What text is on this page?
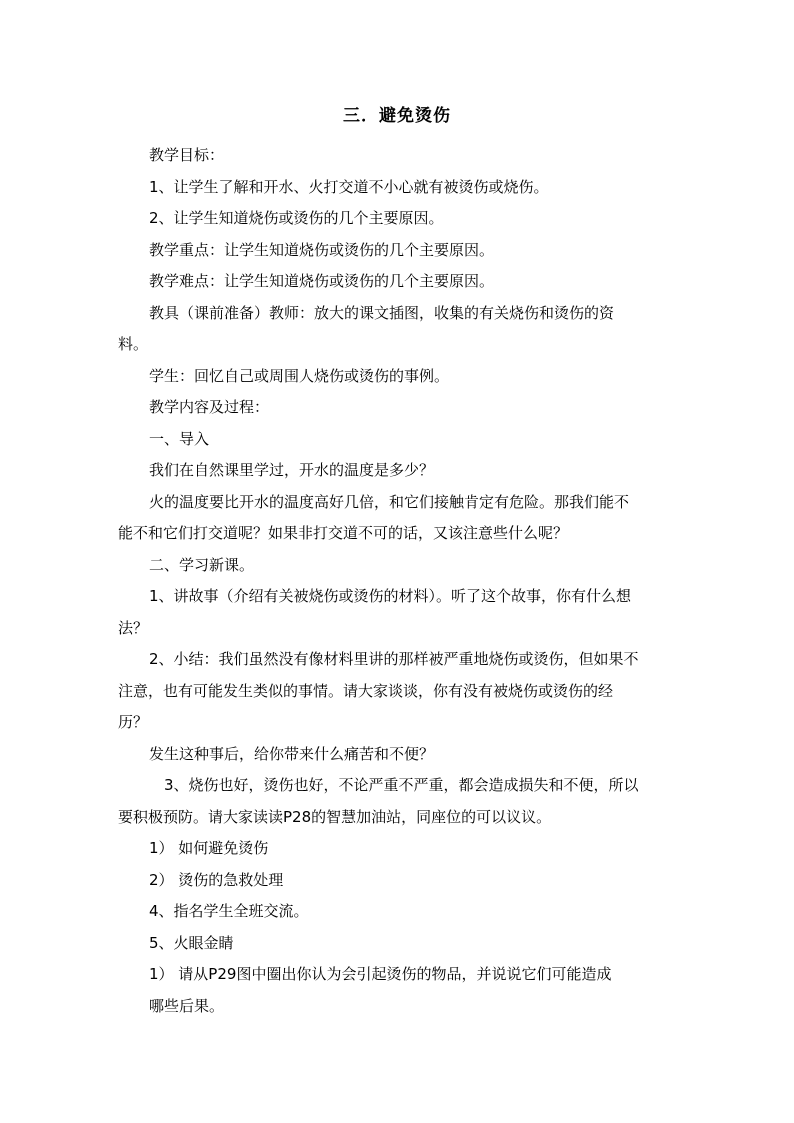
三．避免烫伤

教学目标：

1、让学生了解和开水、火打交道不小心就有被烫伤或烧伤。

2、让学生知道烧伤或烫伤的几个主要原因。

教学重点：让学生知道烧伤或烫伤的几个主要原因。

教学难点：让学生知道烧伤或烫伤的几个主要原因。

教具（课前准备）教师：放大的课文插图，收集的有关烧伤和烫伤的资

料。

学生：回忆自己或周围人烧伤或烫伤的事例。

教学内容及过程：

一、导入

我们在自然课里学过，开水的温度是多少？

火的温度要比开水的温度高好几倍，和它们接触肯定有危险。那我们能不

能不和它们打交道呢？如果非打交道不可的话，又该注意些什么呢？

二、学习新课。

1、讲故事（介绍有关被烧伤或烫伤的材料）。听了这个故事，你有什么想

法？

2、小结：我们虽然没有像材料里讲的那样被严重地烧伤或烫伤，但如果不

注意，也有可能发生类似的事情。请大家谈谈，你有没有被烧伤或烫伤的经

历？

发生这种事后，给你带来什么痛苦和不便？

3、烧伤也好，烫伤也好，不论严重不严重，都会造成损失和不便，所以

要积极预防。请大家读读P28的智慧加油站，同座位的可以议议。

1） 如何避免烫伤

2） 烫伤的急救处理

4、指名学生全班交流。

5、火眼金睛

1） 请从P29图中圈出你认为会引起烫伤的物品，并说说它们可能造成

哪些后果。
